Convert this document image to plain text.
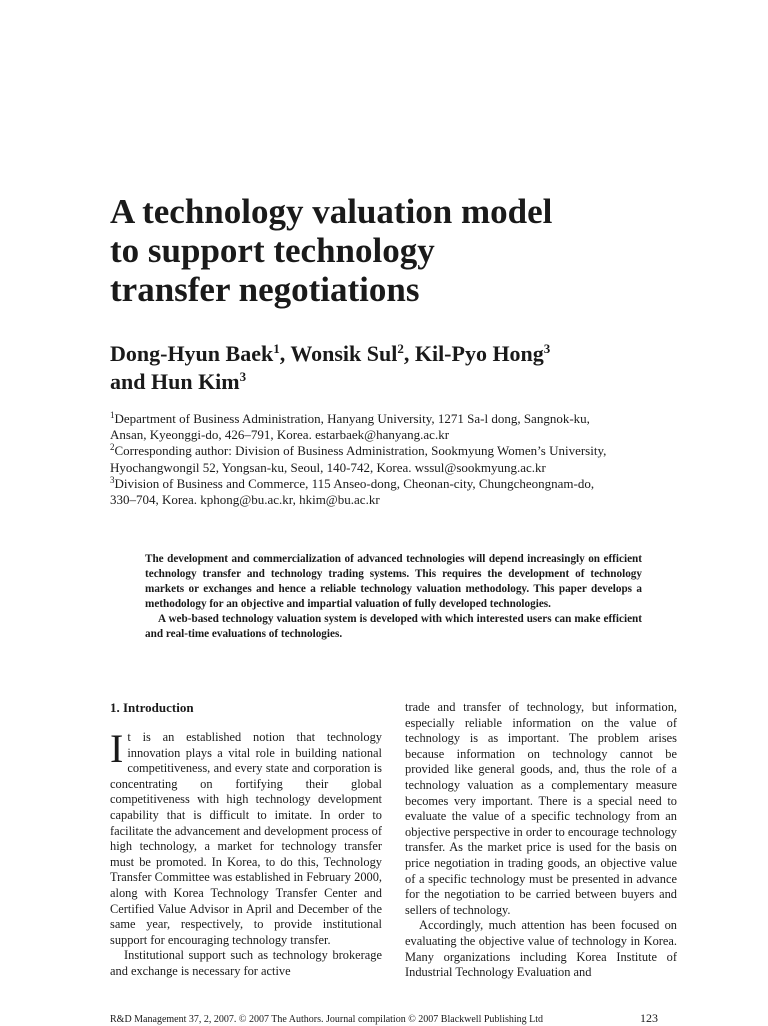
A technology valuation model
to support technology
transfer negotiations
Dong-Hyun Baek$^1$, Wonsik Sul$^2$, Kil-Pyo Hong$^3$
and Hun Kim$^3$
$^1$Department of Business Administration, Hanyang University, 1271 Sa-l dong, Sangnok-ku,
Ansan, Kyeonggi-do, 426–791, Korea. estarbaek@hanyang.ac.kr
$^2$Corresponding author: Division of Business Administration, Sookmyung Women’s University,
Hyochangwongil 52, Yongsan-ku, Seoul, 140-742, Korea. wssul@sookmyung.ac.kr
$^3$Division of Business and Commerce, 115 Anseo-dong, Cheonan-city, Chungcheongnam-do,
330–704, Korea. kphong@bu.ac.kr, hkim@bu.ac.kr

The development and commercialization of advanced technologies will depend increasingly on efficient technology transfer and technology trading systems. This requires the development of technology markets or exchanges and hence a reliable technology valuation methodology. This paper develops a methodology for an objective and impartial valuation of fully developed technologies.

A web-based technology valuation system is developed with which interested users can make efficient and real-time evaluations of technologies.

1. Introduction

It is an established notion that technology innovation plays a vital role in building national competitiveness, and every state and corporation is concentrating on fortifying their global competitiveness with high technology development capability that is difficult to imitate. In order to facilitate the advancement and development process of high technology, a market for technology transfer must be promoted. In Korea, to do this, Technology Transfer Committee was established in February 2000, along with Korea Technology Transfer Center and Certified Value Advisor in April and December of the same year, respectively, to provide institutional support for encouraging technology transfer.

Institutional support such as technology brokerage and exchange is necessary for active

trade and transfer of technology, but information, especially reliable information on the value of technology is as important. The problem arises because information on technology cannot be provided like general goods, and, thus the role of a technology valuation as a complementary measure becomes very important. There is a special need to evaluate the value of a specific technology from an objective perspective in order to encourage technology transfer. As the market price is used for the basis on price negotiation in trading goods, an objective value of a specific technology must be presented in advance for the negotiation to be carried between buyers and sellers of technology.

Accordingly, much attention has been focused on evaluating the objective value of technology in Korea. Many organizations including Korea Institute of Industrial Technology Evaluation and

R&D Management 37, 2, 2007. © 2007 The Authors. Journal compilation © 2007 Blackwell Publishing Ltd	123
